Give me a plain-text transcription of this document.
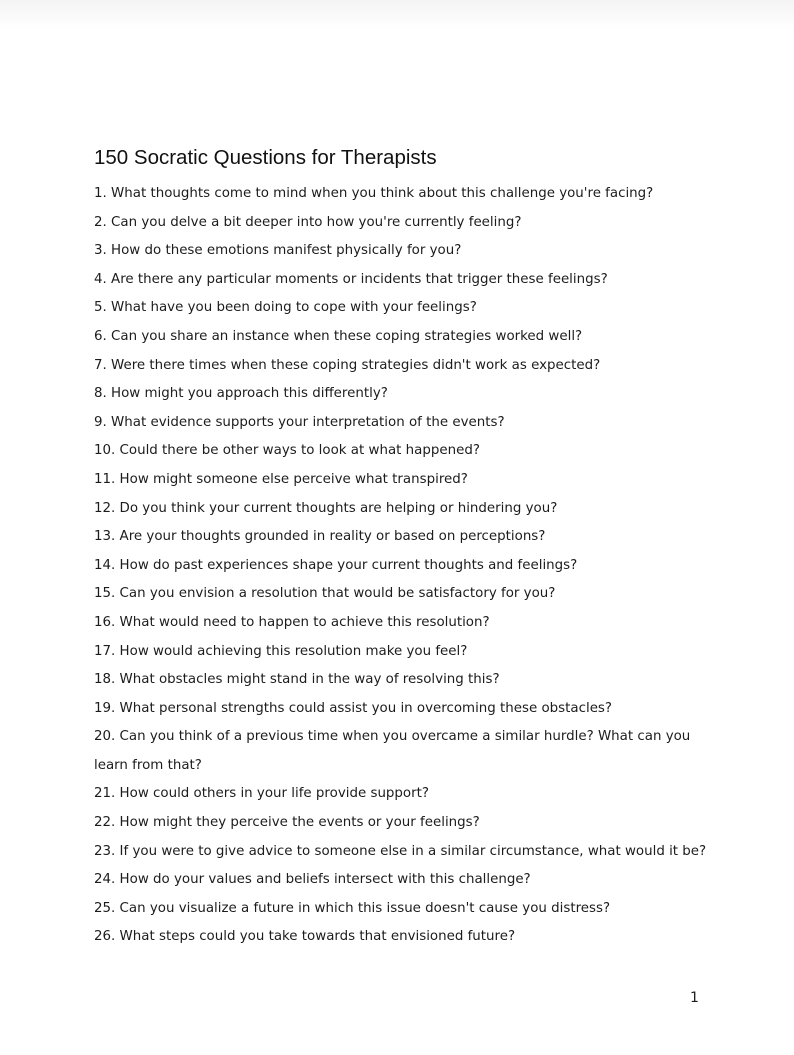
150 Socratic Questions for Therapists
1. What thoughts come to mind when you think about this challenge you're facing?
2. Can you delve a bit deeper into how you're currently feeling?
3. How do these emotions manifest physically for you?
4. Are there any particular moments or incidents that trigger these feelings?
5. What have you been doing to cope with your feelings?
6. Can you share an instance when these coping strategies worked well?
7. Were there times when these coping strategies didn't work as expected?
8. How might you approach this differently?
9. What evidence supports your interpretation of the events?
10. Could there be other ways to look at what happened?
11. How might someone else perceive what transpired?
12. Do you think your current thoughts are helping or hindering you?
13. Are your thoughts grounded in reality or based on perceptions?
14. How do past experiences shape your current thoughts and feelings?
15. Can you envision a resolution that would be satisfactory for you?
16. What would need to happen to achieve this resolution?
17. How would achieving this resolution make you feel?
18. What obstacles might stand in the way of resolving this?
19. What personal strengths could assist you in overcoming these obstacles?
20. Can you think of a previous time when you overcame a similar hurdle? What can you learn from that?
21. How could others in your life provide support?
22. How might they perceive the events or your feelings?
23. If you were to give advice to someone else in a similar circumstance, what would it be?
24. How do your values and beliefs intersect with this challenge?
25. Can you visualize a future in which this issue doesn't cause you distress?
26. What steps could you take towards that envisioned future?
1
